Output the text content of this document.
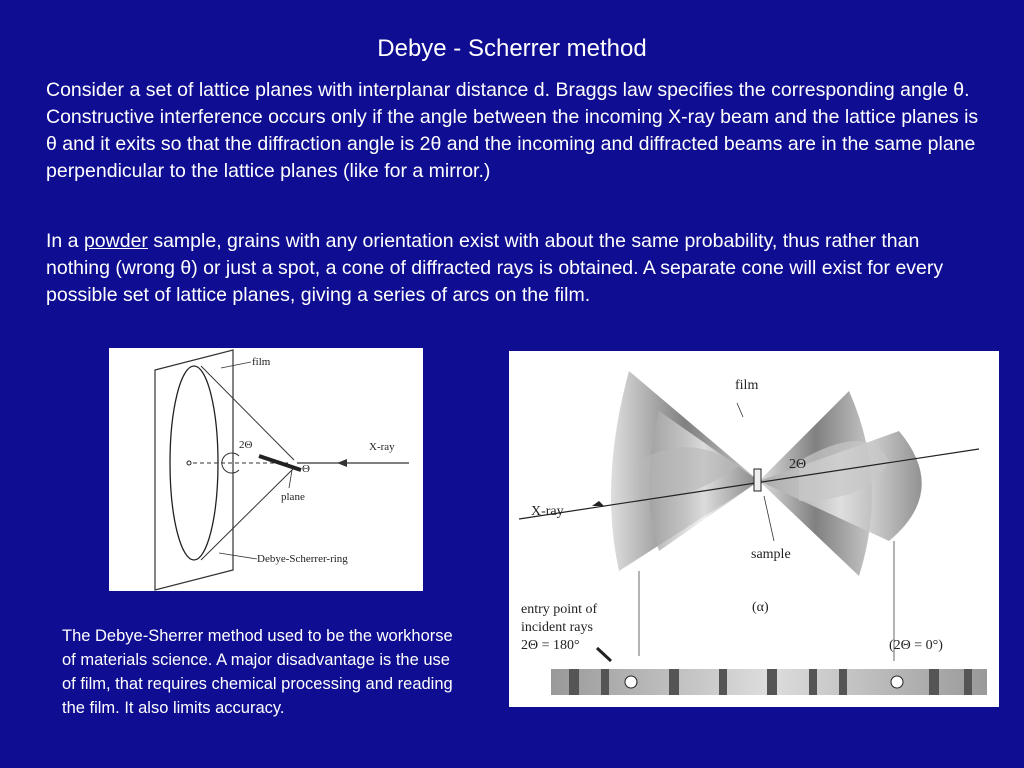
Debye - Scherrer method

Consider a set of lattice planes with interplanar distance d. Braggs law specifies the corresponding angle θ. Constructive interference occurs only if the angle between the incoming X-ray beam and the lattice planes is θ and it exits so that the diffraction angle is 2θ and the incoming and diffracted beams are in the same plane perpendicular to the lattice planes (like for a mirror.)

In a powder sample, grains with any orientation exist with about the same probability, thus rather than nothing (wrong θ) or just a spot, a cone of diffracted rays is obtained. A separate cone will exist for every possible set of lattice planes, giving a series of arcs on the film.

film
2Θ	X-ray
Θ
plane
Debye-Scherrer-ring
film
2Θ
X-ray
sample
(α)
entry point of
incident rays
2Θ = 180°	(2Θ = 0°)

The Debye-Sherrer method used to be the workhorse of materials science. A major disadvantage is the use of film, that requires chemical processing and reading the film. It also limits accuracy.
